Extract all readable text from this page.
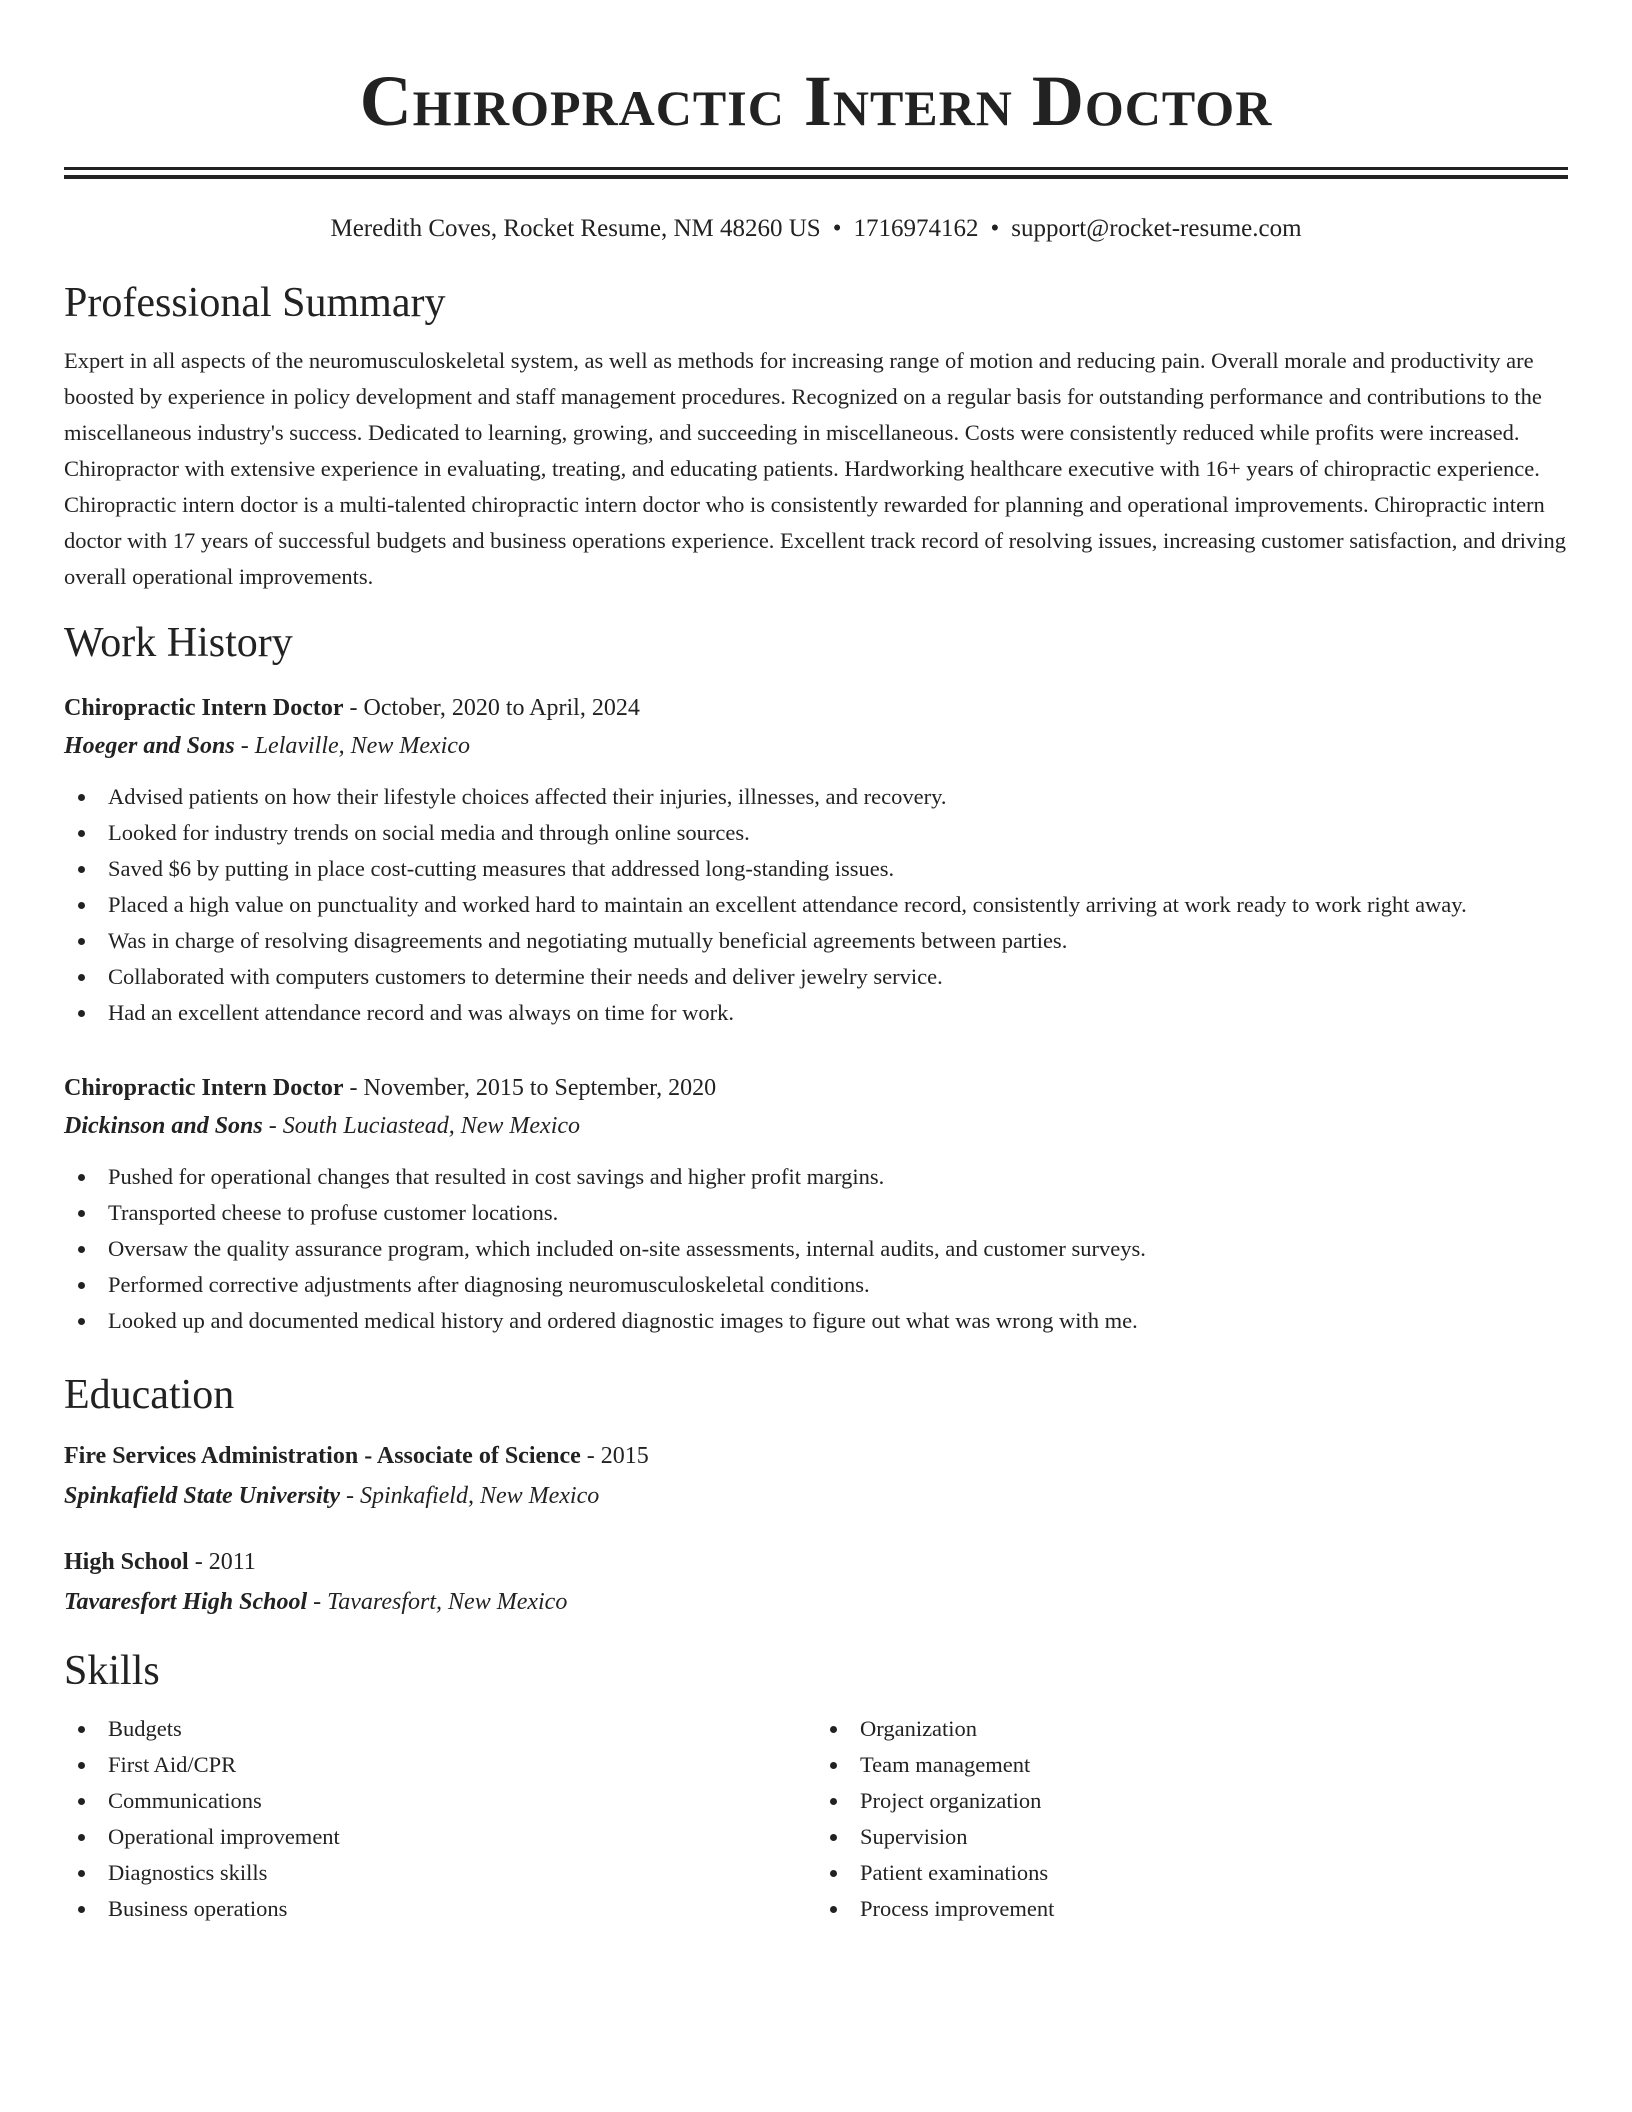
Chiropractic Intern Doctor
Meredith Coves, Rocket Resume, NM 48260 US • 1716974162 • support@rocket-resume.com
Professional Summary

Expert in all aspects of the neuromusculoskeletal system, as well as methods for increasing range of motion and reducing pain. Overall morale and productivity are boosted by experience in policy development and staff management procedures. Recognized on a regular basis for outstanding performance and contributions to the miscellaneous industry's success. Dedicated to learning, growing, and succeeding in miscellaneous. Costs were consistently reduced while profits were increased. Chiropractor with extensive experience in evaluating, treating, and educating patients. Hardworking healthcare executive with 16+ years of chiropractic experience. Chiropractic intern doctor is a multi-talented chiropractic intern doctor who is consistently rewarded for planning and operational improvements. Chiropractic intern doctor with 17 years of successful budgets and business operations experience. Excellent track record of resolving issues, increasing customer satisfaction, and driving overall operational improvements.

Work History
Chiropractic Intern Doctor - October, 2020 to April, 2024
Hoeger and Sons - Lelaville, New Mexico
Advised patients on how their lifestyle choices affected their injuries, illnesses, and recovery.
Looked for industry trends on social media and through online sources.
Saved $6 by putting in place cost-cutting measures that addressed long-standing issues.
Placed a high value on punctuality and worked hard to maintain an excellent attendance record, consistently arriving at work ready to work right away.
Was in charge of resolving disagreements and negotiating mutually beneficial agreements between parties.
Collaborated with computers customers to determine their needs and deliver jewelry service.
Had an excellent attendance record and was always on time for work.
Chiropractic Intern Doctor - November, 2015 to September, 2020
Dickinson and Sons - South Luciastead, New Mexico
Pushed for operational changes that resulted in cost savings and higher profit margins.
Transported cheese to profuse customer locations.
Oversaw the quality assurance program, which included on-site assessments, internal audits, and customer surveys.
Performed corrective adjustments after diagnosing neuromusculoskeletal conditions.
Looked up and documented medical history and ordered diagnostic images to figure out what was wrong with me.
Education
Fire Services Administration - Associate of Science - 2015
Spinkafield State University - Spinkafield, New Mexico
High School - 2011
Tavaresfort High School - Tavaresfort, New Mexico
Skills
Budgets
First Aid/CPR
Communications
Operational improvement
Diagnostics skills
Business operations
Organization
Team management
Project organization
Supervision
Patient examinations
Process improvement
